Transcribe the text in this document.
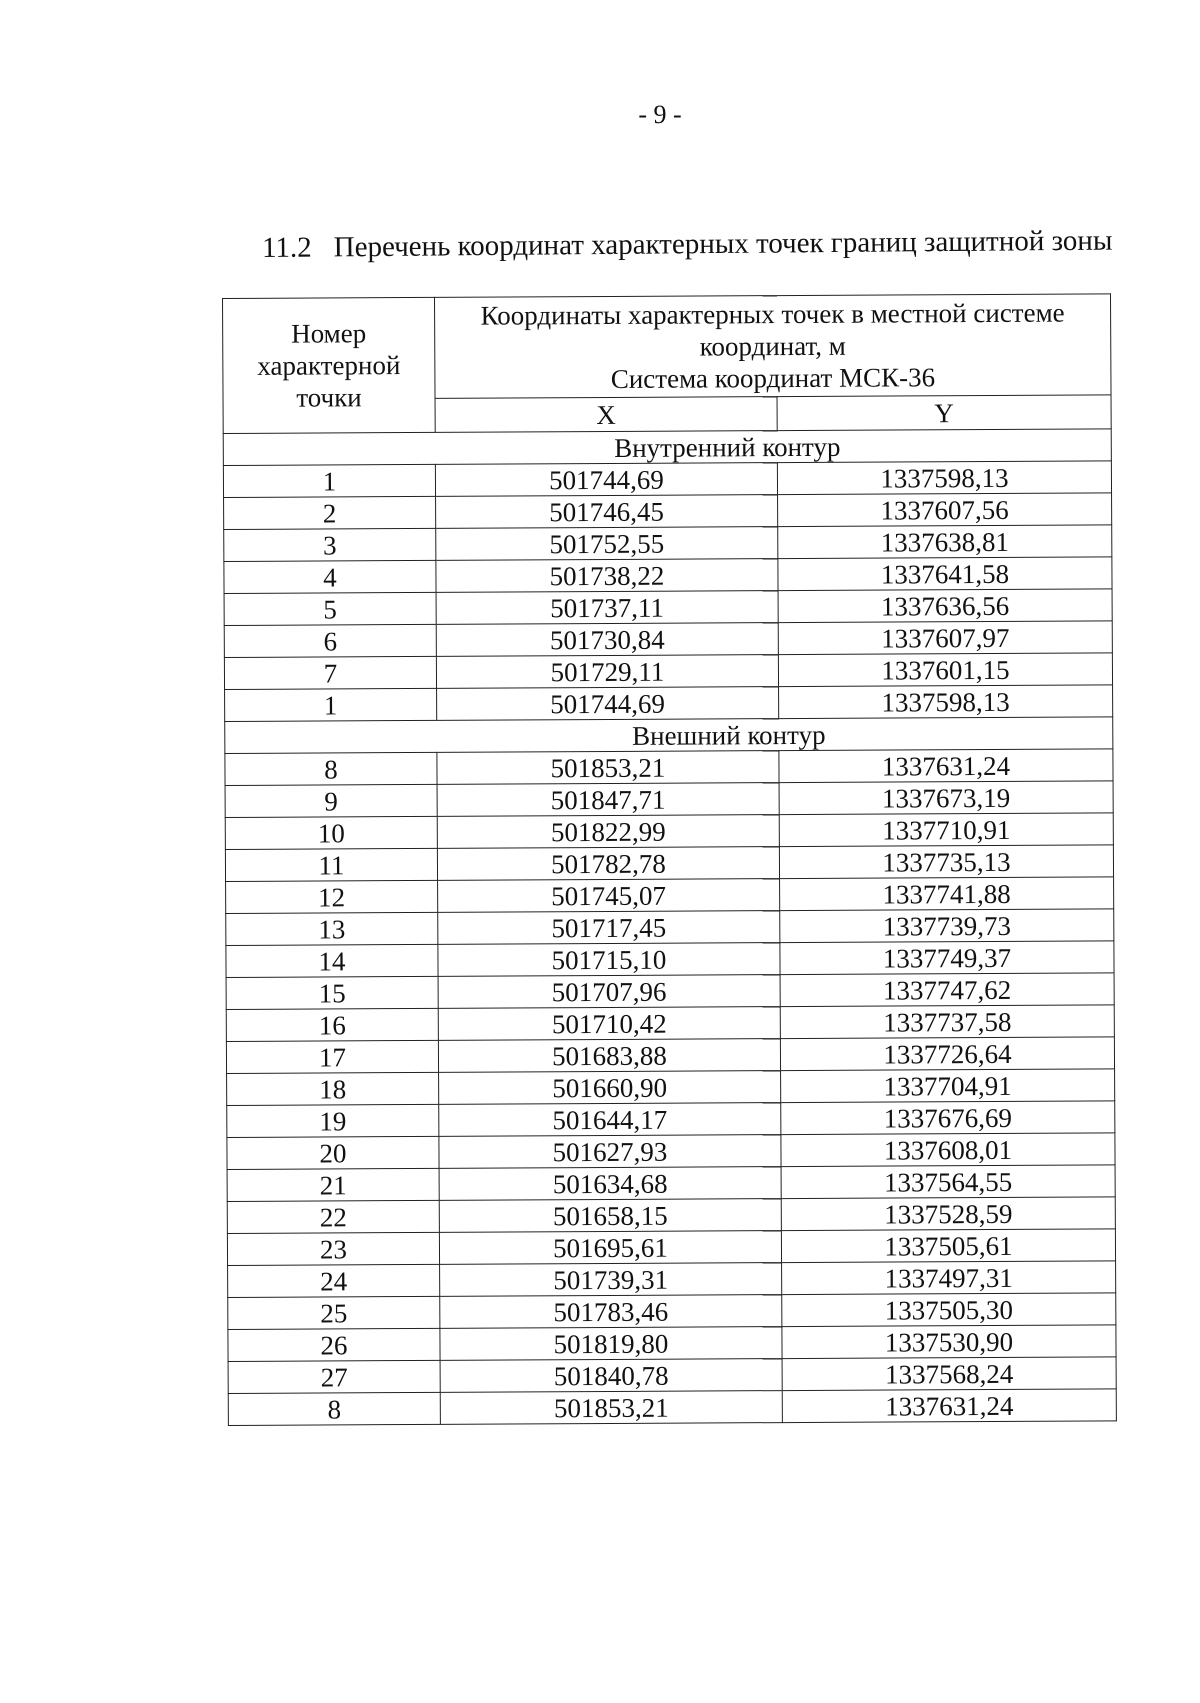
- 9 -
11.2 Перечень координат характерных точек границ защитной зоны
Номер характерной точки	Координаты характерных точек в местной системе
координат, м
Система координат МСК-36	

	X	Y
Внутренний контур		
1	501744,69	1337598,13
2	501746,45	1337607,56
3	501752,55	1337638,81
4	501738,22	1337641,58
5	501737,11	1337636,56
6	501730,84	1337607,97
7	501729,11	1337601,15
1	501744,69	1337598,13
Внешний контур		
8	501853,21	1337631,24
9	501847,71	1337673,19
10	501822,99	1337710,91
11	501782,78	1337735,13
12	501745,07	1337741,88
13	501717,45	1337739,73
14	501715,10	1337749,37
15	501707,96	1337747,62
16	501710,42	1337737,58
17	501683,88	1337726,64
18	501660,90	1337704,91
19	501644,17	1337676,69
20	501627,93	1337608,01
21	501634,68	1337564,55
22	501658,15	1337528,59
23	501695,61	1337505,61
24	501739,31	1337497,31
25	501783,46	1337505,30
26	501819,80	1337530,90
27	501840,78	1337568,24
8	501853,21	1337631,24
